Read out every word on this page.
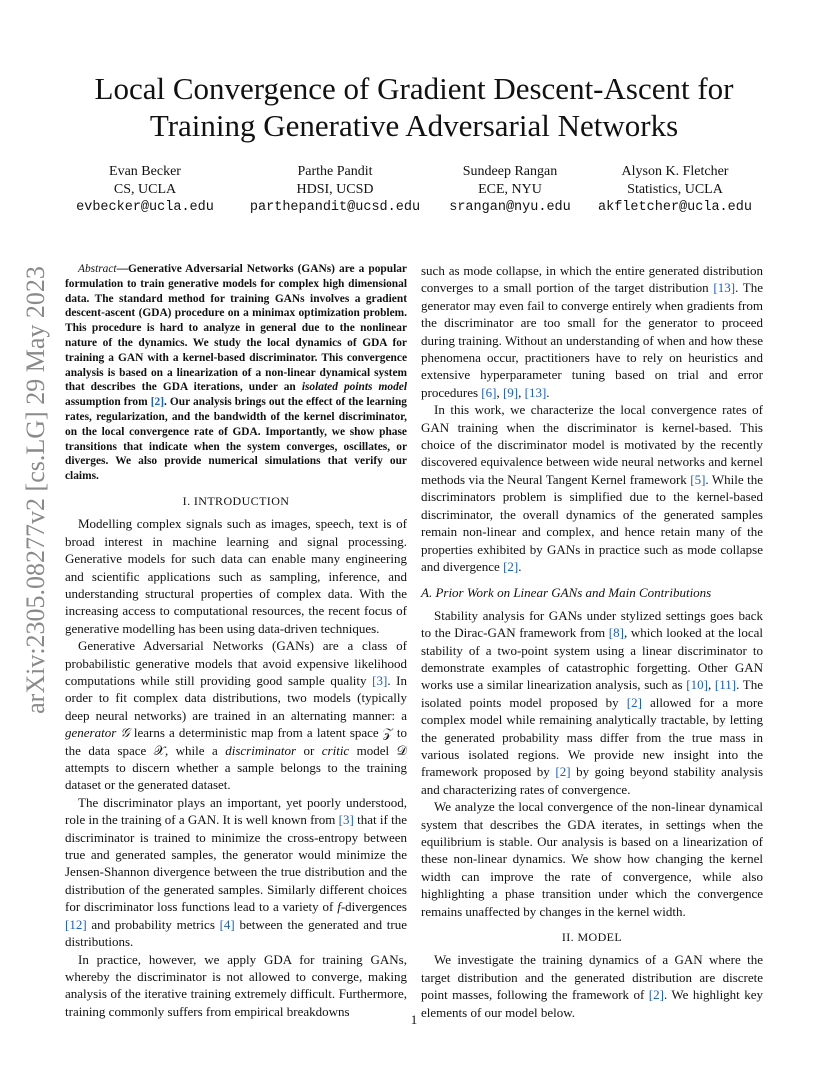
arXiv:2305.08277v2 [cs.LG] 29 May 2023
Local Convergence of Gradient Descent-Ascent for
Training Generative Adversarial Networks
Evan Becker
CS, UCLA
evbecker@ucla.edu
Parthe Pandit
HDSI, UCSD
parthepandit@ucsd.edu
Sundeep Rangan
ECE, NYU
srangan@nyu.edu
Alyson K. Fletcher
Statistics, UCLA
akfletcher@ucla.edu

Abstract—Generative Adversarial Networks (GANs) are a popular formulation to train generative models for complex high dimensional data. The standard method for training GANs involves a gradient descent-ascent (GDA) procedure on a minimax optimization problem. This procedure is hard to analyze in general due to the nonlinear nature of the dynamics. We study the local dynamics of GDA for training a GAN with a kernel-based discriminator. This convergence analysis is based on a linearization of a non-linear dynamical system that describes the GDA iterations, under an isolated points model assumption from [2]. Our analysis brings out the effect of the learning rates, regularization, and the bandwidth of the kernel discriminator, on the local convergence rate of GDA. Importantly, we show phase transitions that indicate when the system converges, oscillates, or diverges. We also provide numerical simulations that verify our claims.

I. INTRODUCTION

Modelling complex signals such as images, speech, text is of broad interest in machine learning and signal processing. Generative models for such data can enable many engineering and scientific applications such as sampling, inference, and understanding structural properties of complex data. With the increasing access to computational resources, the recent focus of generative modelling has been using data-driven techniques.

Generative Adversarial Networks (GANs) are a class of probabilistic generative models that avoid expensive likelihood computations while still providing good sample quality [3]. In order to fit complex data distributions, two models (typically deep neural networks) are trained in an alternating manner: a generator 𝒢 learns a deterministic map from a latent space 𝒵 to the data space 𝒳, while a discriminator or critic model 𝒟 attempts to discern whether a sample belongs to the training dataset or the generated dataset.

The discriminator plays an important, yet poorly understood, role in the training of a GAN. It is well known from [3] that if the discriminator is trained to minimize the cross-entropy between true and generated samples, the generator would minimize the Jensen-Shannon divergence between the true distribution and the distribution of the generated samples. Similarly different choices for discriminator loss functions lead to a variety of f-divergences [12] and probability metrics [4] between the generated and true distributions.

In practice, however, we apply GDA for training GANs, whereby the discriminator is not allowed to converge, making analysis of the iterative training extremely difficult. Furthermore, training commonly suffers from empirical breakdowns

such as mode collapse, in which the entire generated distribution converges to a small portion of the target distribution [13]. The generator may even fail to converge entirely when gradients from the discriminator are too small for the generator to proceed during training. Without an understanding of when and how these phenomena occur, practitioners have to rely on heuristics and extensive hyperparameter tuning based on trial and error procedures [6], [9], [13].

In this work, we characterize the local convergence rates of GAN training when the discriminator is kernel-based. This choice of the discriminator model is motivated by the recently discovered equivalence between wide neural networks and kernel methods via the Neural Tangent Kernel framework [5]. While the discriminators problem is simplified due to the kernel-based discriminator, the overall dynamics of the generated samples remain non-linear and complex, and hence retain many of the properties exhibited by GANs in practice such as mode collapse and divergence [2].

A. Prior Work on Linear GANs and Main Contributions

Stability analysis for GANs under stylized settings goes back to the Dirac-GAN framework from [8], which looked at the local stability of a two-point system using a linear discriminator to demonstrate examples of catastrophic forgetting. Other GAN works use a similar linearization analysis, such as [10], [11]. The isolated points model proposed by [2] allowed for a more complex model while remaining analytically tractable, by letting the generated probability mass differ from the true mass in various isolated regions. We provide new insight into the framework proposed by [2] by going beyond stability analysis and characterizing rates of convergence.

We analyze the local convergence of the non-linear dynamical system that describes the GDA iterates, in settings when the equilibrium is stable. Our analysis is based on a linearization of these non-linear dynamics. We show how changing the kernel width can improve the rate of convergence, while also highlighting a phase transition under which the convergence remains unaffected by changes in the kernel width.

II. MODEL

We investigate the training dynamics of a GAN where the target distribution and the generated distribution are discrete point masses, following the framework of [2]. We highlight key elements of our model below.

1
